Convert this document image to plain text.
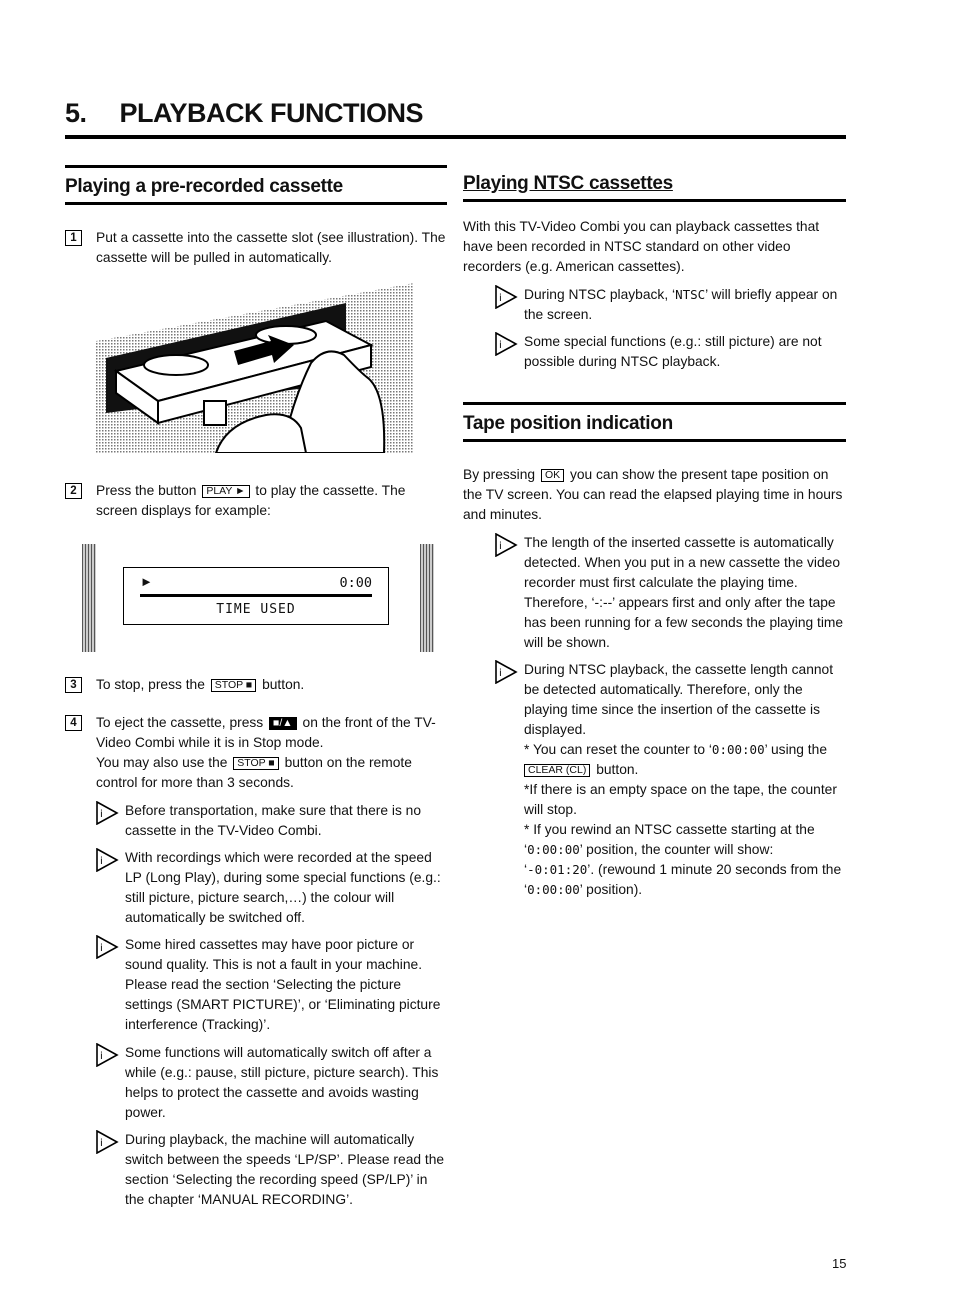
5. PLAYBACK FUNCTIONS
Playing a pre-recorded cassette
1	Put a cassette into the cassette slot (see illustration). The cassette will be pulled in automatically.

2	Press the button PLAY ► to play the cassette. The screen displays for example:

►	0:00
TIME USED
3	To stop, press the STOP ■ button.

4	To eject the cassette, press ■/▲ on the front of the TV-Video Combi while it is in Stop mode.
You may also use the STOP ■ button on the remote control for more than 3 seconds.

i Before transportation, make sure that there is no cassette in the TV-Video Combi.

i With recordings which were recorded at the speed LP (Long Play), during some special functions (e.g.: still picture, picture search,…) the colour will automatically be switched off.

i Some hired cassettes may have poor picture or sound quality. This is not a fault in your machine. Please read the section ‘Selecting the picture settings (SMART PICTURE)’, or ‘Eliminating picture interference (Tracking)’.

i Some functions will automatically switch off after a while (e.g.: pause, still picture, picture search). This helps to protect the cassette and avoids wasting power.

i During playback, the machine will automatically switch between the speeds ‘LP/SP’. Please read the section ‘Selecting the recording speed (SP/LP)’ in the chapter ‘MANUAL RECORDING’.

Playing NTSC cassettes

With this TV-Video Combi you can playback cassettes that have been recorded in NTSC standard on other video recorders (e.g. American cassettes).

i During NTSC playback, ‘NTSC’ will briefly appear on the screen.

i Some special functions (e.g.: still picture) are not possible during NTSC playback.

Tape position indication

By pressing OK you can show the present tape position on the TV screen. You can read the elapsed playing time in hours and minutes.

i The length of the inserted cassette is automatically detected. When you put in a new cassette the video recorder must first calculate the playing time. Therefore, ‘-:--’ appears first and only after the tape has been running for a few seconds the playing time will be shown.

i During NTSC playback, the cassette length cannot be detected automatically. Therefore, only the playing time since the insertion of the cassette is displayed.

* You can reset the counter to ‘0:00:00’ using the
CLEAR (CL) button.

*If there is an empty space on the tape, the counter will stop.

* If you rewind an NTSC cassette starting at the
‘0:00:00’ position, the counter will show:
‘-0:01:20’. (rewound 1 minute 20 seconds from the ‘0:00:00’ position).

15
